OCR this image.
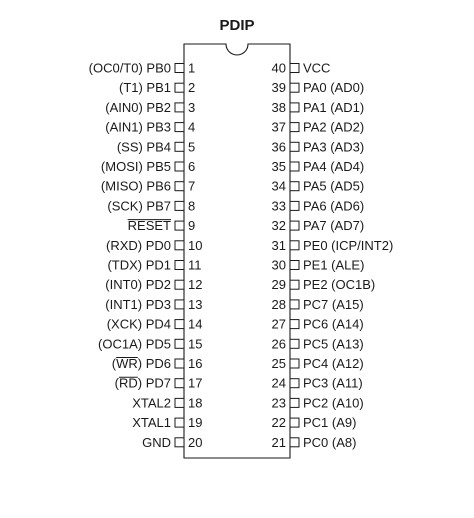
PDIP
1
(OC0/T0) PB0
2
(T1) PB1
3
(AIN0) PB2
4
(AIN1) PB3
5
(SS) PB4
6
(MOSI) PB5
7
(MISO) PB6
8
(SCK) PB7
9
RESET
10
(RXD) PD0
11
(TDX) PD1
12
(INT0) PD2
13
(INT1) PD3
14
(XCK) PD4
15
(OC1A) PD5
16
(WR) PD6
17
(RD) PD7
18
XTAL2
19
XTAL1
20
GND
40 VCC
39 PA0 (AD0)
38 PA1 (AD1)
37 PA2 (AD2)
36 PA3 (AD3)
35 PA4 (AD4)
34 PA5 (AD5)
33 PA6 (AD6)
32 PA7 (AD7)
31 PE0 (ICP/INT2)
30 PE1 (ALE)
29 PE2 (OC1B)
28 PC7 (A15)
27 PC6 (A14)
26 PC5 (A13)
25 PC4 (A12)
24 PC3 (A11)
23 PC2 (A10)
22 PC1 (A9)
21 PC0 (A8)
